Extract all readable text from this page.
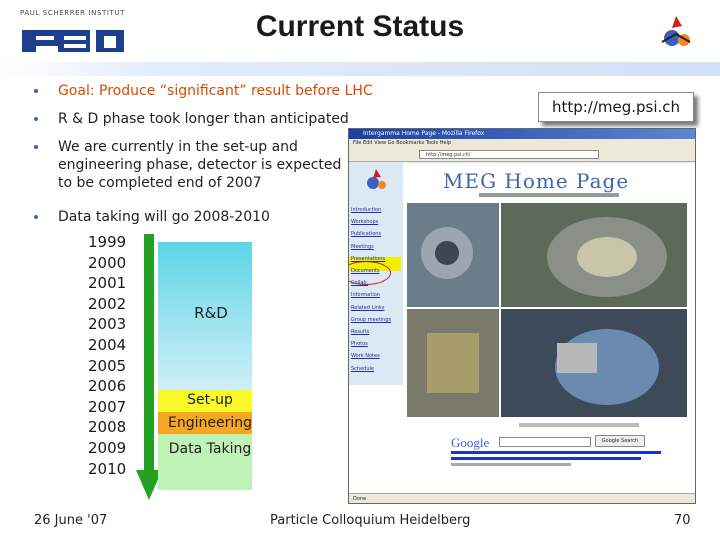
PAUL SCHERRER INSTITUT	Current Status
Goal: Produce “significant” result before LHC
R & D phase took longer than anticipated
We are currently in the set-up and engineering phase, detector is expected to be completed end of 2007
Data taking will go 2008-2010
1999
2000
2001
2002
2003
2004
2005
2006
2007
2008
2009
2010
R&D
Set-up
Engineering
Data Taking
http://meg.psi.ch
Intergamma Home Page - Mozilla Firefox
File Edit View Go Bookmarks Tools Help
http://meg.psi.ch/
Introduction
Workshops
Publications
Meetings
Presentations
Documents
Collab.
Information
Related Links
Group meetings
Results
Photos
Work Notes
Schedule
MEG Home Page
Google	Google Search
Done
26 June '07	Particle Colloquium Heidelberg	70
